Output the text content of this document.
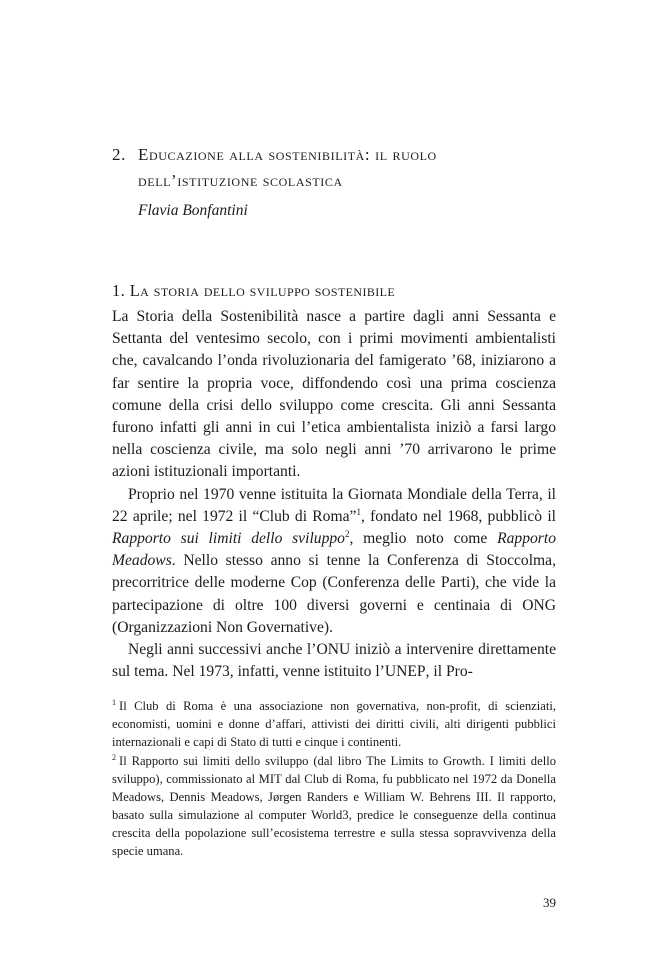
2. Educazione alla sostenibilità: il ruolo dell’istituzione scolastica
Flavia Bonfantini
1. La storia dello sviluppo sostenibile

La Storia della Sostenibilità nasce a partire dagli anni Sessanta e Settanta del ventesimo secolo, con i primi movimenti ambientalisti che, cavalcando l’onda rivoluzionaria del famigerato ’68, iniziarono a far sentire la propria voce, diffondendo così una prima coscienza comune della crisi dello sviluppo come crescita. Gli anni Sessanta furono infatti gli anni in cui l’etica ambientalista iniziò a farsi largo nella coscienza civile, ma solo negli anni ’70 arrivarono le prime azioni istituzionali importanti.

Proprio nel 1970 venne istituita la Giornata Mondiale della Terra, il 22 aprile; nel 1972 il “Club di Roma”$^1$, fondato nel 1968, pubblicò il Rapporto sui limiti dello sviluppo$^2$, meglio noto come Rapporto Meadows. Nello stesso anno si tenne la Conferenza di Stoccolma, precorritrice delle moderne Cop (Conferenza delle Parti), che vide la partecipazione di oltre 100 diversi governi e centinaia di ONG (Organizzazioni Non Governative).

Negli anni successivi anche l’ONU iniziò a intervenire direttamente sul tema. Nel 1973, infatti, venne istituito l’UNEP, il Pro-

$^1$ Il Club di Roma è una associazione non governativa, non-profit, di scienziati, economisti, uomini e donne d’affari, attivisti dei diritti civili, alti dirigenti pubblici internazionali e capi di Stato di tutti e cinque i continenti.

$^2$ Il Rapporto sui limiti dello sviluppo (dal libro The Limits to Growth. I limiti dello sviluppo), commissionato al MIT dal Club di Roma, fu pubblicato nel 1972 da Donella Meadows, Dennis Meadows, Jørgen Randers e William W. Behrens III. Il rapporto, basato sulla simulazione al computer World3, predice le conseguenze della continua crescita della popolazione sull’ecosistema terrestre e sulla stessa sopravvivenza della specie umana.

39
